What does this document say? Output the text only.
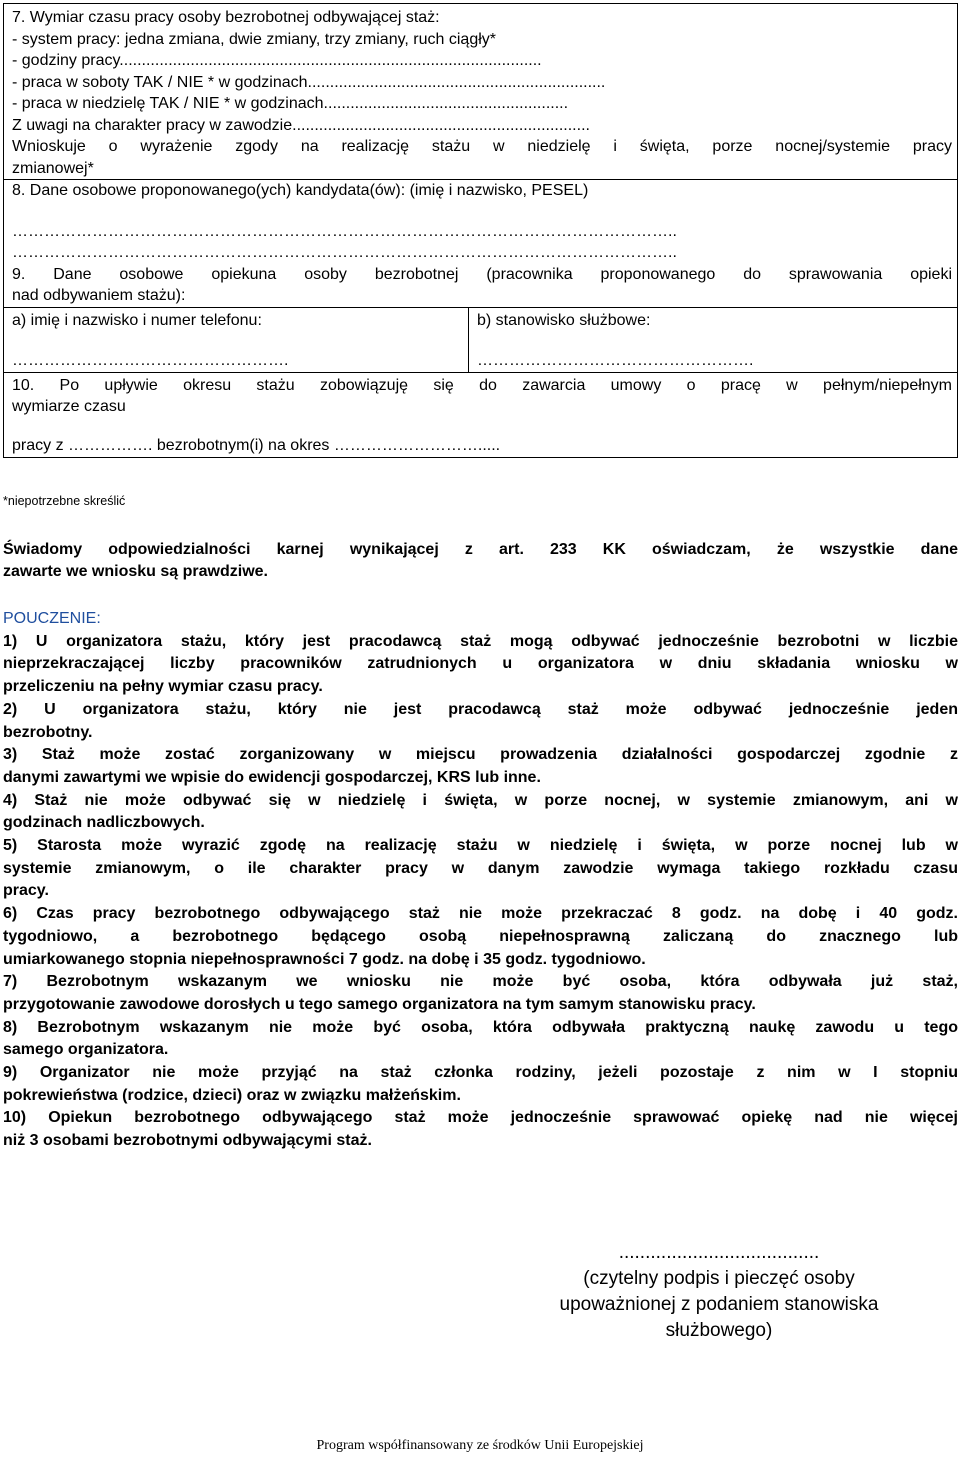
7. Wymiar czasu pracy osoby bezrobotnej odbywającej staż:
- system pracy: jedna zmiana, dwie zmiany, trzy zmiany, ruch ciągły*
- godziny pracy...............................................................................................
- praca w soboty TAK / NIE * w godzinach...................................................................
- praca w niedzielę TAK / NIE * w godzinach.......................................................
Z uwagi na charakter pracy w zawodzie...................................................................
Wnioskuje o wyrażenie zgody na realizację stażu w niedzielę i święta, porze nocnej/systemie pracy
zmianowej*
8. Dane osobowe proponowanego(ych) kandydata(ów): (imię i nazwisko, PESEL)
……………………………………………………………………………………………………………..
……………………………………………………………………………………………………………..
9. Dane osobowe opiekuna osoby bezrobotnej (pracownika proponowanego do sprawowania opieki
nad odbywaniem stażu):
a) imię i nazwisko i numer telefonu:
…………………………………………….
b) stanowisko służbowe:
…………………………………………….
10. Po upływie okresu stażu zobowiązuję się do zawarcia umowy o pracę w pełnym/niepełnym
wymiarze czasu
pracy z ……………. bezrobotnym(i) na okres ……………………….....
*niepotrzebne skreślić
Świadomy odpowiedzialności karnej wynikającej z art. 233 KK oświadczam, że wszystkie dane
zawarte we wniosku są prawdziwe.
POUCZENIE:
1) U organizatora stażu, który jest pracodawcą staż mogą odbywać jednocześnie bezrobotni w liczbie
nieprzekraczającej liczby pracowników zatrudnionych u organizatora w dniu składania wniosku w
przeliczeniu na pełny wymiar czasu pracy.
2) U organizatora stażu, który nie jest pracodawcą staż może odbywać jednocześnie jeden
bezrobotny.
3) Staż może zostać zorganizowany w miejscu prowadzenia działalności gospodarczej zgodnie z
danymi zawartymi we wpisie do ewidencji gospodarczej, KRS lub inne.
4) Staż nie może odbywać się w niedzielę i święta, w porze nocnej, w systemie zmianowym, ani w
godzinach nadliczbowych.
5) Starosta może wyrazić zgodę na realizację stażu w niedzielę i święta, w porze nocnej lub w
systemie zmianowym, o ile charakter pracy w danym zawodzie wymaga takiego rozkładu czasu
pracy.
6) Czas pracy bezrobotnego odbywającego staż nie może przekraczać 8 godz. na dobę i 40 godz.
tygodniowo, a bezrobotnego będącego osobą niepełnosprawną zaliczaną do znacznego lub
umiarkowanego stopnia niepełnosprawności 7 godz. na dobę i 35 godz. tygodniowo.
7) Bezrobotnym wskazanym we wniosku nie może być osoba, która odbywała już staż,
przygotowanie zawodowe dorosłych u tego samego organizatora na tym samym stanowisku pracy.
8) Bezrobotnym wskazanym nie może być osoba, która odbywała praktyczną naukę zawodu u tego
samego organizatora.
9) Organizator nie może przyjąć na staż członka rodziny, jeżeli pozostaje z nim w I stopniu
pokrewieństwa (rodzice, dzieci) oraz w związku małżeńskim.
10) Opiekun bezrobotnego odbywającego staż może jednocześnie sprawować opiekę nad nie więcej
niż 3 osobami bezrobotnymi odbywającymi staż.
......................................
(czytelny podpis i pieczęć osoby
upoważnionej z podaniem stanowiska
służbowego)
Program współfinansowany ze środków Unii Europejskiej
